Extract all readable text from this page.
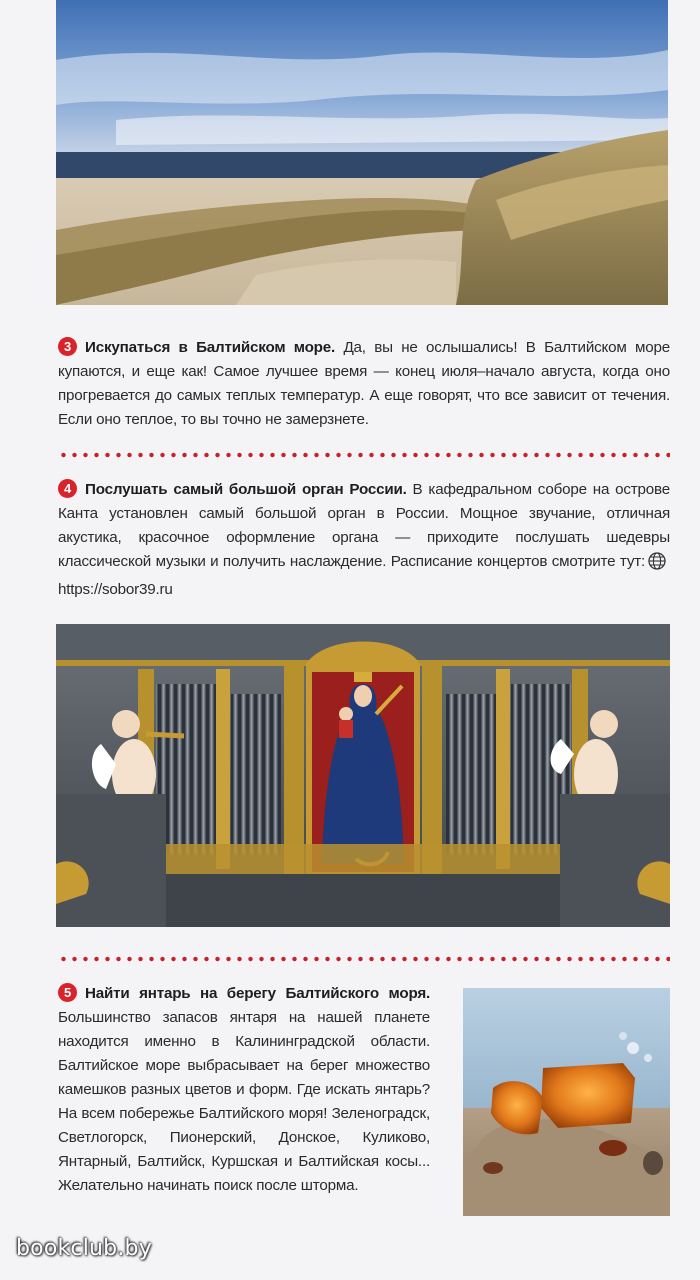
3 Искупаться в Балтийском море. Да, вы не ослышались! В Балтийском море купаются, и еще как! Самое лучшее время — конец июля–начало августа, когда оно прогревается до самых теплых температур. А еще говорят, что все зависит от течения. Если оно теплое, то вы точно не замерзнете.

4 Послушать самый большой орган России. В кафедральном соборе на острове Канта установлен самый большой орган в России. Мощное звучание, отличная акустика, красочное оформление органа — приходите послушать шедевры классической музыки и получить наслаждение. Расписание концертов смотрите тут:https://sobor39.ru

5 Найти янтарь на берегу Балтийского моря. Большинство запасов янтаря на нашей планете находится именно в Калининградской области. Балтийское море выбрасывает на берег множество камешков разных цветов и форм. Где искать янтарь? На всем побережье Балтийского моря! Зеленоградск, Светлогорск, Пионерский, Донское, Куликово, Янтарный, Балтийск, Куршская и Балтийская косы... Желательно начинать поиск после шторма.

bookclub.by
